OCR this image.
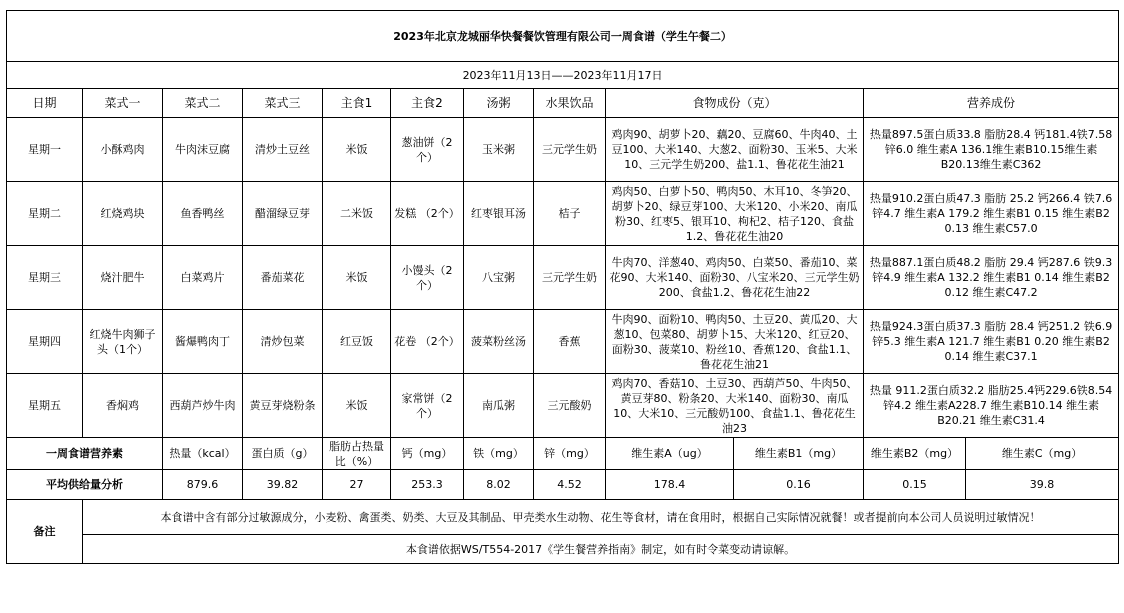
2023年北京龙城丽华快餐餐饮管理有限公司一周食谱（学生午餐二）											
2023年11月13日——2023年11月17日											
日期	菜式一	菜式二	菜式三	主食1	主食2	汤粥	水果饮品	食物成份（克）		营养成份	
星期一	小酥鸡肉	牛肉沫豆腐	清炒土豆丝	米饭	葱油饼（2个）	玉米粥	三元学生奶	鸡肉90、胡萝卜20、藕20、豆腐60、牛肉40、土豆100、大米140、大葱2、面粉30、玉米5、大米10、三元学生奶200、盐1.1、鲁花花生油21		热量897.5蛋白质33.8 脂肪28.4 钙181.4铁7.58锌6.0 维生素A 136.1维生素B10.15维生素B20.13维生素C362	
星期二	红烧鸡块	鱼香鸭丝	醋溜绿豆芽	二米饭	发糕 （2个）	红枣银耳汤	桔子	鸡肉50、白萝卜50、鸭肉50、木耳10、冬笋20、胡萝卜20、绿豆芽100、大米120、小米20、南瓜粉30、红枣5、银耳10、枸杞2、桔子120、食盐1.2、鲁花花生油20		热量910.2蛋白质47.3 脂肪 25.2 钙266.4 铁7.6 锌4.7 维生素A 179.2 维生素B1 0.15 维生素B2 0.13 维生素C57.0	
星期三	烧汁肥牛	白菜鸡片	番茄菜花	米饭	小馒头（2个）	八宝粥	三元学生奶	牛肉70、洋葱40、鸡肉50、白菜50、番茄10、菜花90、大米140、面粉30、八宝米20、三元学生奶200、食盐1.2、鲁花花生油22		热量887.1蛋白质48.2 脂肪 29.4 钙287.6 铁9.3 锌4.9 维生素A 132.2 维生素B1 0.14 维生素B2 0.12 维生素C47.2	
星期四	红烧牛肉狮子头（1个）	酱爆鸭肉丁	清炒包菜	红豆饭	花卷 （2个）	菠菜粉丝汤	香蕉	牛肉90、面粉10、鸭肉50、土豆20、黄瓜20、大葱10、包菜80、胡萝卜15、大米120、红豆20、面粉30、菠菜10、粉丝10、香蕉120、食盐1.1、鲁花花生油21		热量924.3蛋白质37.3 脂肪 28.4 钙251.2 铁6.9 锌5.3 维生素A 121.7 维生素B1 0.20 维生素B2 0.14 维生素C37.1	
星期五	香焖鸡	西葫芦炒牛肉	黄豆芽烧粉条	米饭	家常饼（2个）	南瓜粥	三元酸奶	鸡肉70、香菇10、土豆30、西葫芦50、牛肉50、黄豆芽80、粉条20、大米140、面粉30、南瓜10、大米10、三元酸奶100、食盐1.1、鲁花花生油23		热量 911.2蛋白质32.2 脂肪25.4钙229.6铁8.54锌4.2 维生素A228.7 维生素B10.14 维生素B20.21 维生素C31.4	
一周食谱营养素		热量（kcal）	蛋白质（g）	脂肪占热量比（%）	钙（mg）	铁（mg）	锌（mg）	维生素A（ug）	维生素B1（mg）	维生素B2（mg）	维生素C（mg）
平均供给量分析		879.6	39.82	27	253.3	8.02	4.52	178.4	0.16	0.15	39.8
备注	本食谱中含有部分过敏源成分，小麦粉、禽蛋类、奶类、大豆及其制品、甲壳类水生动物、花生等食材，请在食用时，根据自己实际情况就餐！或者提前向本公司人员说明过敏情况！										
	本食谱依据WS/T554-2017《学生餐营养指南》制定，如有时令菜变动请谅解。										
